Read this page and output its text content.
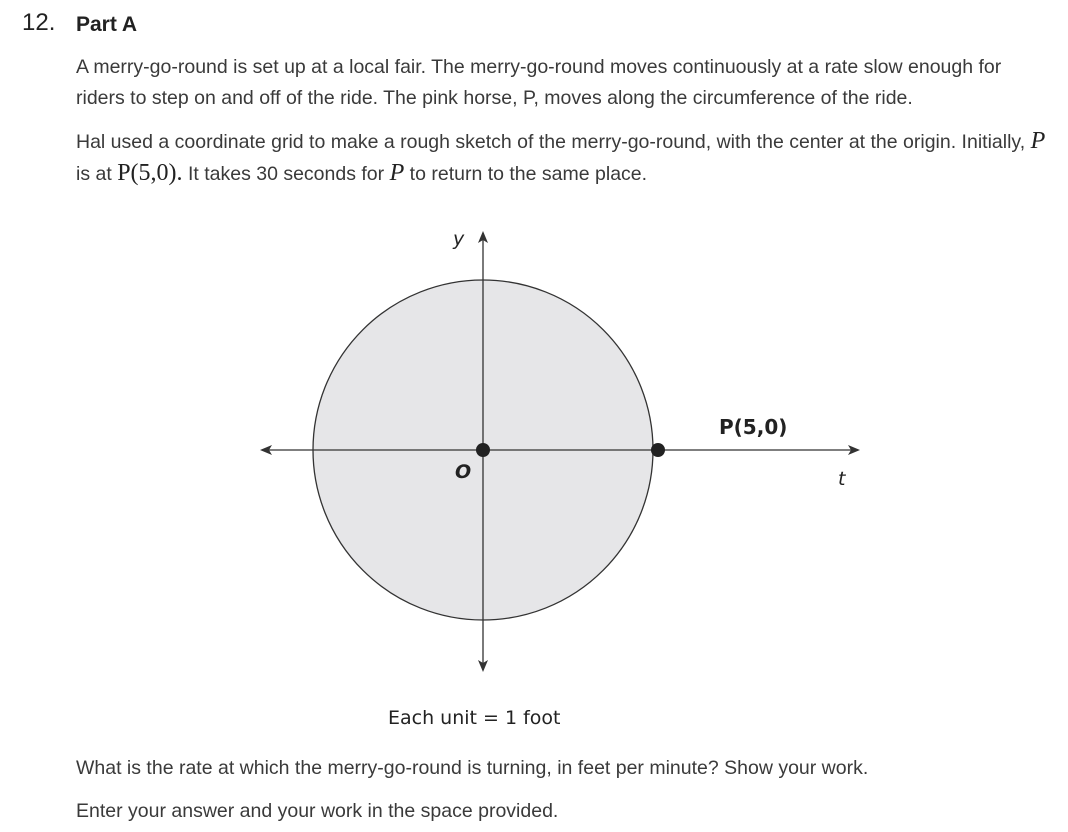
12. Part A

A merry-go-round is set up at a local fair. The merry-go-round moves continuously at a rate slow enough for riders to step on and off of the ride. The pink horse, P, moves along the circumference of the ride.

Hal used a coordinate grid to make a rough sketch of the merry-go-round, with the center at the origin. Initially, P is at P(5,0). It takes 30 seconds for P to return to the same place.

y
t
O
P(5,0)
Each unit = 1 foot

What is the rate at which the merry-go-round is turning, in feet per minute? Show your work.

Enter your answer and your work in the space provided.
